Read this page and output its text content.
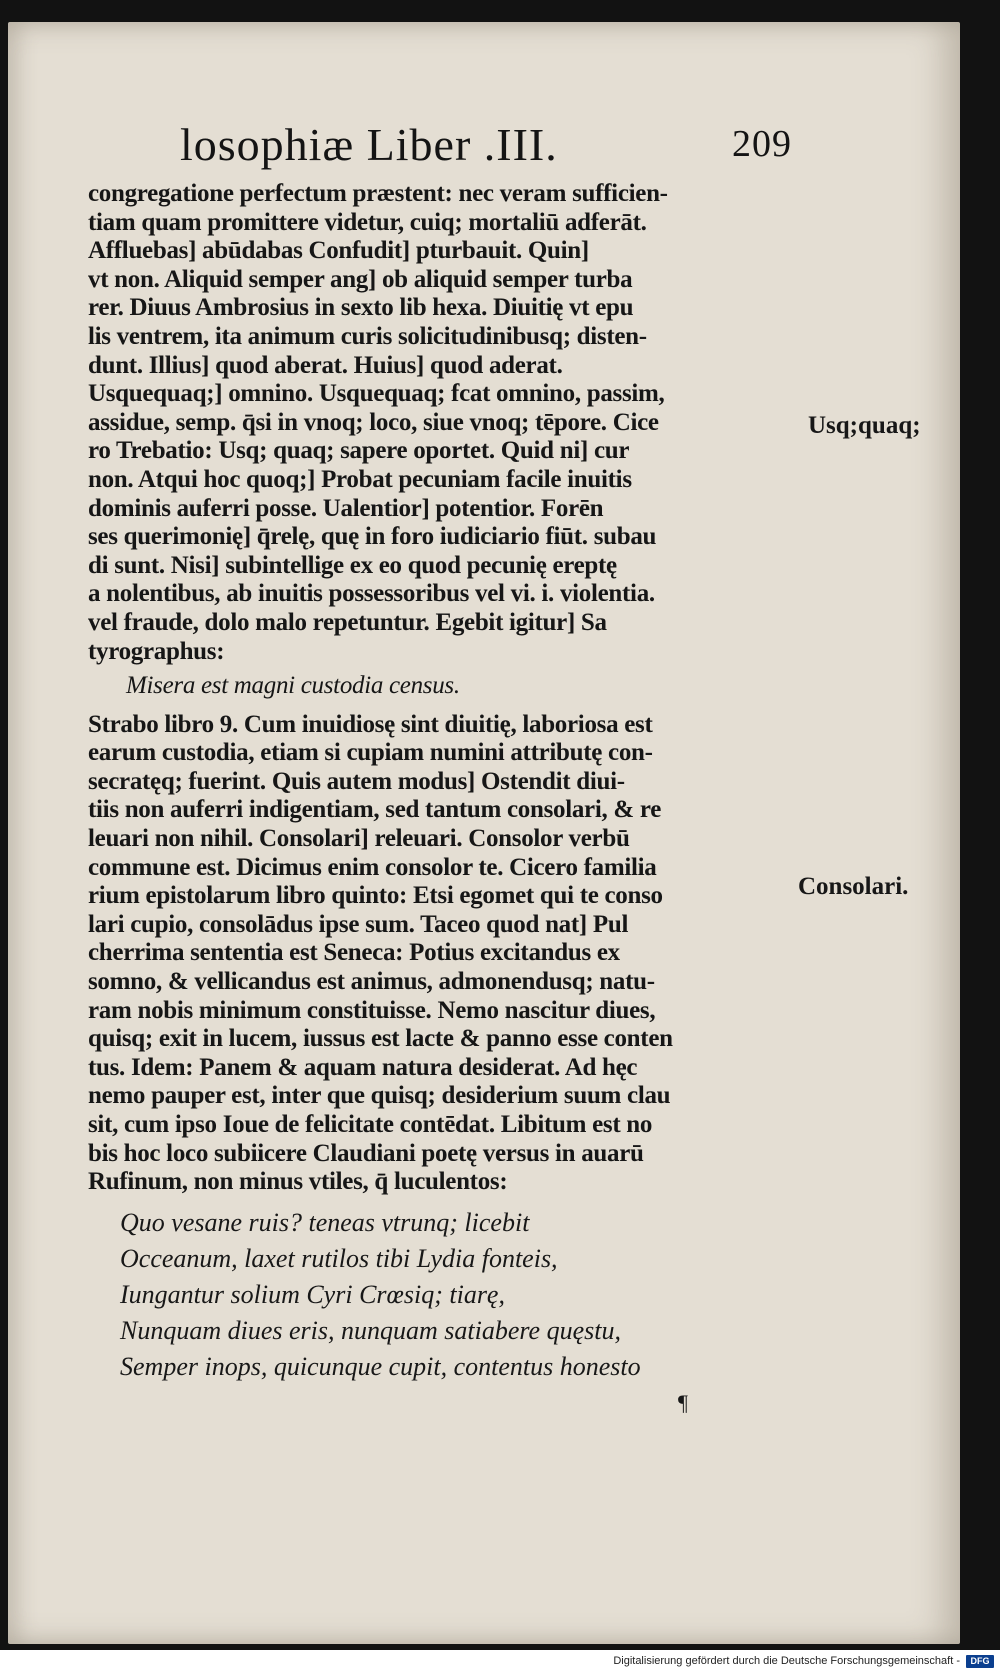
losophiæ Liber .III.	209
congregatione perfectum præstent: nec veram sufficien-
tiam quam promittere videtur, cuiq; mortaliū adferāt.
Affluebas] abūdabas Confudit] pturbauit. Quin]
vt non. Aliquid semper ang] ob aliquid semper turba
rer. Diuus Ambrosius in sexto lib hexa. Diuitię vt epu
lis ventrem, ita animum curis solicitudinibusq; disten-
dunt. Illius] quod aberat. Huius] quod aderat.
Usquequaq;] omnino. Usquequaq; fcat omnino, passim,
assidue, semp. q̄si in vnoq; loco, siue vnoq; tēpore. Cice
ro Trebatio: Usq; quaq; sapere oportet. Quid ni] cur
non. Atqui hoc quoq;] Probat pecuniam facile inuitis
dominis auferri posse. Ualentior] potentior. Forēn
ses querimonię] q̄relę, quę in foro iudiciario fiūt. subau
di sunt. Nisi] subintellige ex eo quod pecunię ereptę
a nolentibus, ab inuitis possessoribus vel vi. i. violentia.
vel fraude, dolo malo repetuntur. Egebit igitur] Sa
tyrographus:
Misera est magni custodia census.
Strabo libro 9. Cum inuidiosę sint diuitię, laboriosa est
earum custodia, etiam si cupiam numini attributę con-
secratęq; fuerint. Quis autem modus] Ostendit diui-
tiis non auferri indigentiam, sed tantum consolari, & re
leuari non nihil. Consolari] releuari. Consolor verbū
commune est. Dicimus enim consolor te. Cicero familia
rium epistolarum libro quinto: Etsi egomet qui te conso
lari cupio, consolādus ipse sum. Taceo quod nat] Pul
cherrima sententia est Seneca: Potius excitandus ex
somno, & vellicandus est animus, admonendusq; natu-
ram nobis minimum constituisse. Nemo nascitur diues,
quisq; exit in lucem, iussus est lacte & panno esse conten
tus. Idem: Panem & aquam natura desiderat. Ad hęc
nemo pauper est, inter que quisq; desiderium suum clau
sit, cum ipso Ioue de felicitate contēdat. Libitum est no
bis hoc loco subiicere Claudiani poetę versus in auarū
Rufinum, non minus vtiles, q̄ luculentos:
Quo vesane ruis? teneas vtrunq; licebit
Occeanum, laxet rutilos tibi Lydia fonteis,
Iungantur solium Cyri Crœsiq; tiarę,
Nunquam diues eris, nunquam satiabere quęstu,
Semper inops, quicunque cupit, contentus honesto
Usq;quaq;
Consolari.
¶
Digitalisierung gefördert durch die Deutsche Forschungsgemeinschaft -	DFG
